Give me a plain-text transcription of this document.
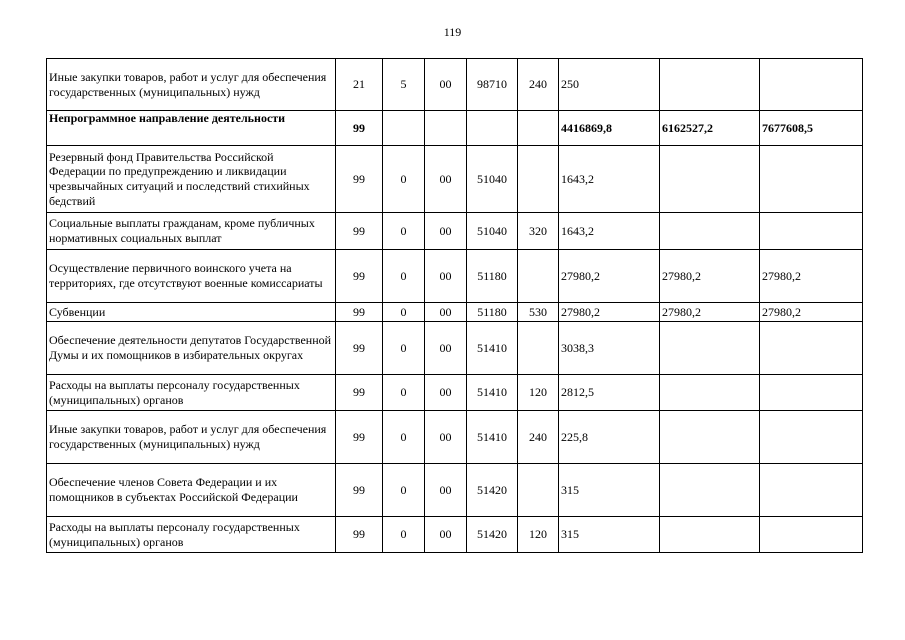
119
Иные закупки товаров, работ и услуг для обеспечения государственных (муниципальных) нужд	21	5	00	98710	240	250		
Непрограммное направление деятельности	99					4416869,8	6162527,2	7677608,5
Резервный фонд Правительства Российской Федерации по предупреждению и ликвидации чрезвычайных ситуаций и последствий стихийных бедствий	99	0	00	51040		1643,2		
Социальные выплаты гражданам, кроме публичных нормативных социальных выплат	99	0	00	51040	320	1643,2		
Осуществление первичного воинского учета на территориях, где отсутствуют военные комиссариаты	99	0	00	51180		27980,2	27980,2	27980,2
Субвенции	99	0	00	51180	530	27980,2	27980,2	27980,2
Обеспечение деятельности депутатов Государственной Думы и их помощников в избирательных округах	99	0	00	51410		3038,3		
Расходы на выплаты персоналу государственных (муниципальных) органов	99	0	00	51410	120	2812,5		
Иные закупки товаров, работ и услуг для обеспечения государственных (муниципальных) нужд	99	0	00	51410	240	225,8		
Обеспечение членов Совета Федерации и их помощников в субъектах Российской Федерации	99	0	00	51420		315		
Расходы на выплаты персоналу государственных (муниципальных) органов	99	0	00	51420	120	315		
